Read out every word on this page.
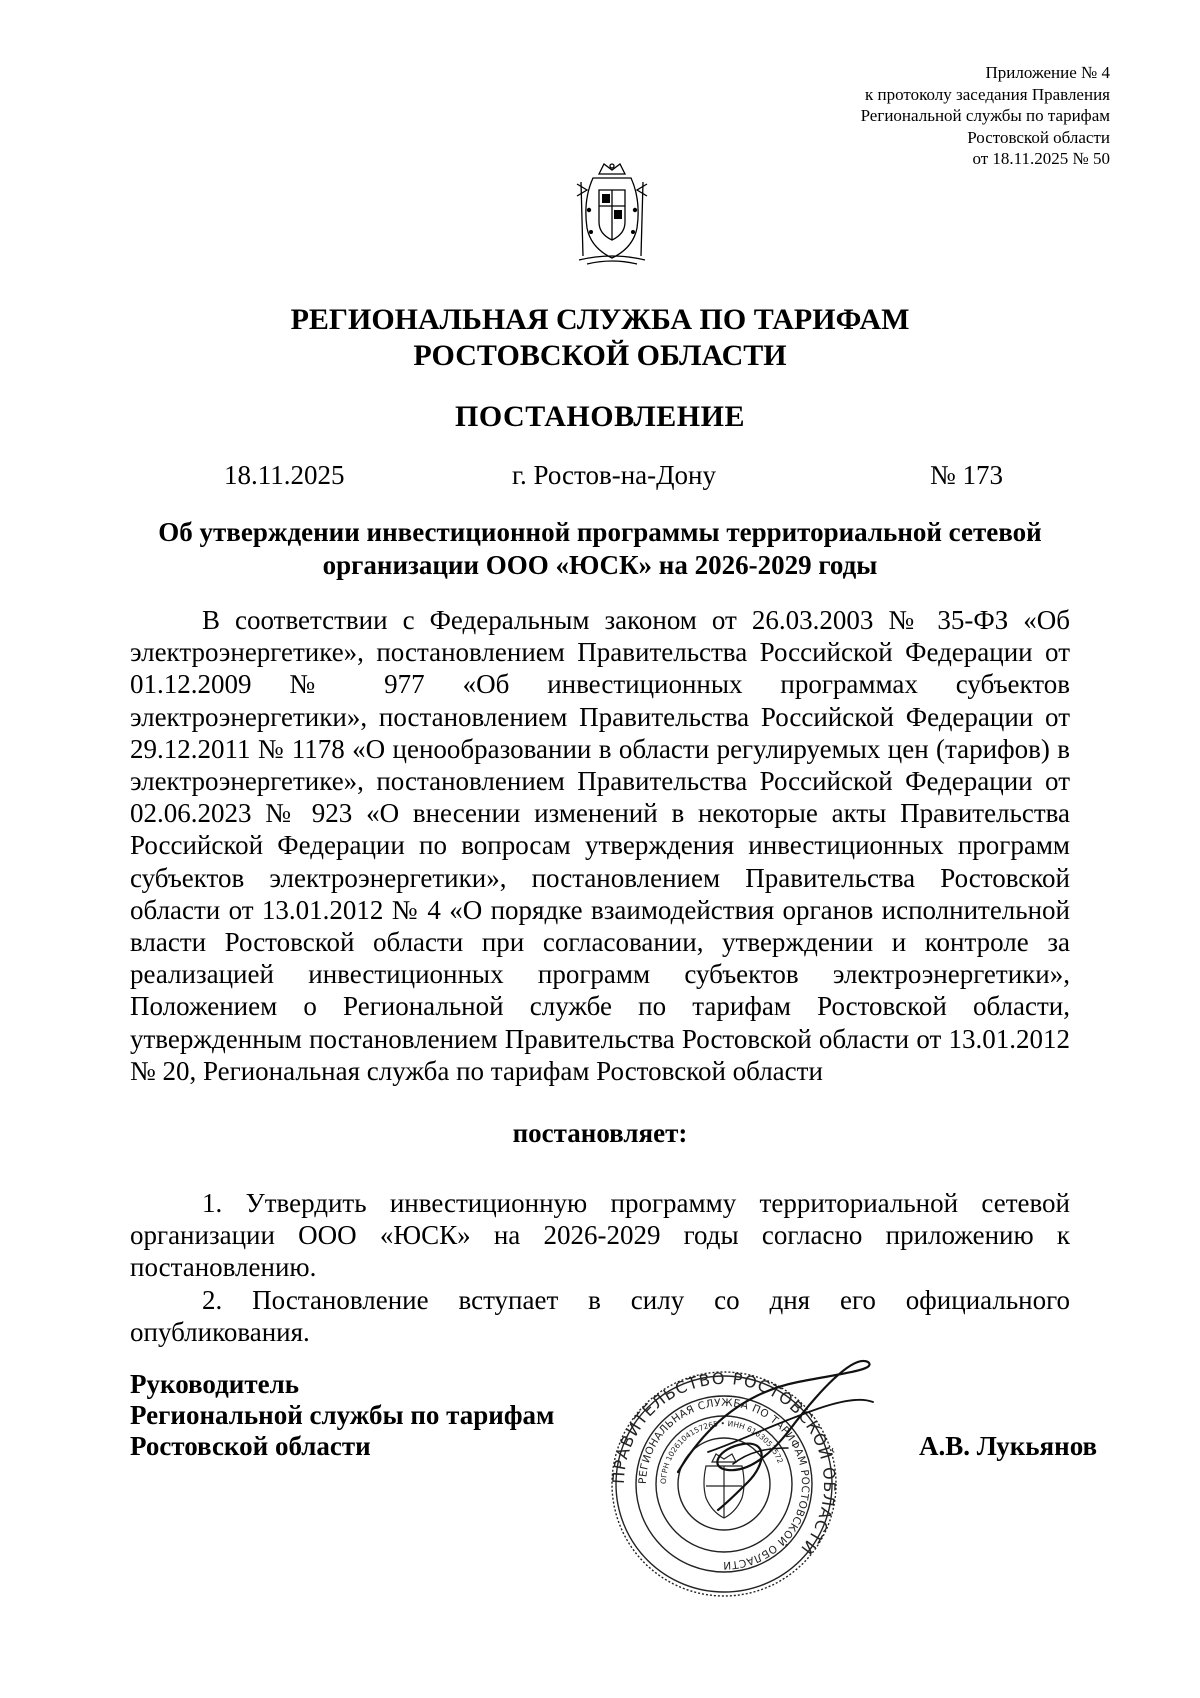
Приложение № 4
к протоколу заседания Правления
Региональной службы по тарифам
Ростовской области
от 18.11.2025 № 50
РЕГИОНАЛЬНАЯ СЛУЖБА ПО ТАРИФАМ
РОСТОВСКОЙ ОБЛАСТИ
ПОСТАНОВЛЕНИЕ
18.11.2025	г. Ростов-на-Дону	№ 173
Об утверждении инвестиционной программы территориальной сетевой организации ООО «ЮСК» на 2026-2029 годы
В соответствии с Федеральным законом от 26.03.2003 № 35-ФЗ «Об электроэнергетике», постановлением Правительства Российской Федерации от 01.12.2009 № 977 «Об инвестиционных программах субъектов электроэнергетики», постановлением Правительства Российской Федерации от 29.12.2011 № 1178 «О ценообразовании в области регулируемых цен (тарифов) в электроэнергетике», постановлением Правительства Российской Федерации от 02.06.2023 № 923 «О внесении изменений в некоторые акты Правительства Российской Федерации по вопросам утверждения инвестиционных программ субъектов электроэнергетики», постановлением Правительства Ростовской области от 13.01.2012 № 4 «О порядке взаимодействия органов исполнительной власти Ростовской области при согласовании, утверждении и контроле за реализацией инвестиционных программ субъектов электроэнергетики», Положением о Региональной службе по тарифам Ростовской области, утвержденным постановлением Правительства Ростовской области от 13.01.2012 № 20, Региональная служба по тарифам Ростовской области
постановляет:
1. Утвердить инвестиционную программу территориальной сетевой организации ООО «ЮСК» на 2026-2029 годы согласно приложению к постановлению.
2. Постановление вступает в силу со дня его официального опубликования.
Руководитель
Региональной службы по тарифам
Ростовской области
ПРАВИТЕЛЬСТВО РОСТОВСКОЙ ОБЛАСТИ
РЕГИОНАЛЬНАЯ СЛУЖБА ПО ТАРИФАМ РОСТОВСКОЙ ОБЛАСТИ
ОГРН 1026104157265 • ИНН 6163053572	А.В. Лукьянов
